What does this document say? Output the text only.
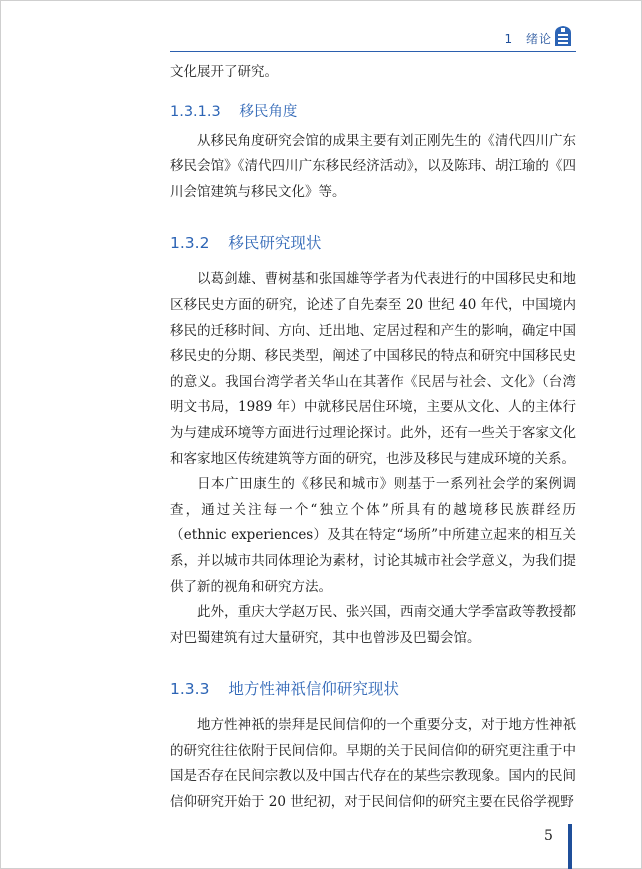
1 绪论

文化展开了研究。

1.3.1.3 移民角度

从移民角度研究会馆的成果主要有刘正刚先生的《清代四川广东移民会馆》《清代四川广东移民经济活动》，以及陈玮、胡江瑜的《四川会馆建筑与移民文化》等。

1.3.2 移民研究现状

以葛剑雄、曹树基和张国雄等学者为代表进行的中国移民史和地区移民史方面的研究，论述了自先秦至 20 世纪 40 年代，中国境内移民的迁移时间、方向、迁出地、定居过程和产生的影响，确定中国移民史的分期、移民类型，阐述了中国移民的特点和研究中国移民史的意义。我国台湾学者关华山在其著作《民居与社会、文化》（台湾明文书局，1989 年）中就移民居住环境，主要从文化、人的主体行为与建成环境等方面进行过理论探讨。此外，还有一些关于客家文化和客家地区传统建筑等方面的研究，也涉及移民与建成环境的关系。

日本广田康生的《移民和城市》则基于一系列社会学的案例调查，通过关注每一个“独立个体”所具有的越境移民族群经历（ethnic experiences）及其在特定“场所”中所建立起来的相互关系，并以城市共同体理论为素材，讨论其城市社会学意义，为我们提供了新的视角和研究方法。

此外，重庆大学赵万民、张兴国，西南交通大学季富政等教授都对巴蜀建筑有过大量研究，其中也曾涉及巴蜀会馆。

1.3.3 地方性神祇信仰研究现状

地方性神祇的崇拜是民间信仰的一个重要分支，对于地方性神祇的研究往往依附于民间信仰。早期的关于民间信仰的研究更注重于中国是否存在民间宗教以及中国古代存在的某些宗教现象。国内的民间信仰研究开始于 20 世纪初，对于民间信仰的研究主要在民俗学视野

5
